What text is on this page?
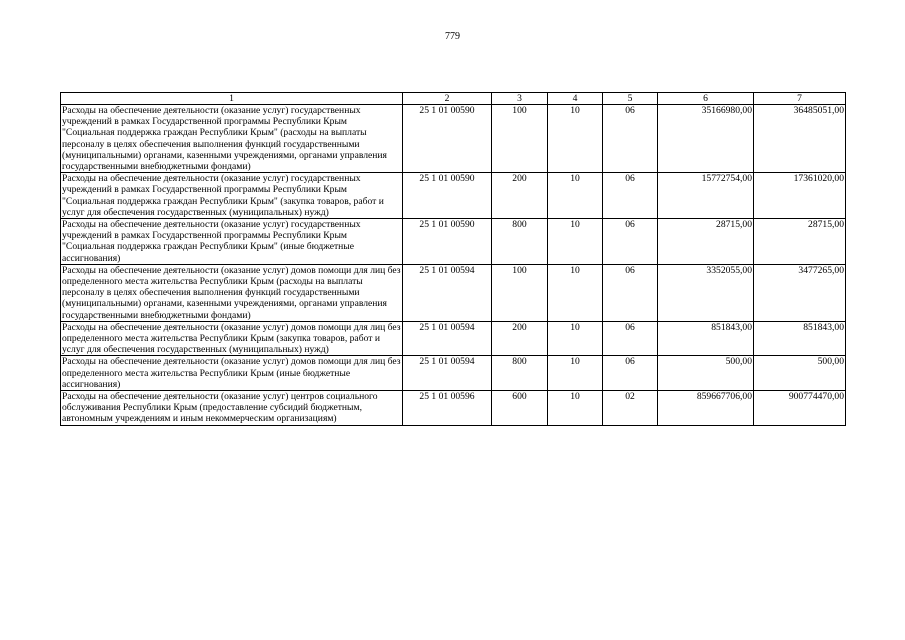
779
1	2	3	4	5	6	7
Расходы на обеспечение деятельности (оказание услуг) государственных учреждений в рамках Государственной программы Республики Крым "Социальная поддержка граждан Республики Крым" (расходы на выплаты персоналу в целях обеспечения выполнения функций государственными (муниципальными) органами, казенными учреждениями, органами управления государственными внебюджетными фондами)	25 1 01 00590	100	10	06	35166980,00	36485051,00
Расходы на обеспечение деятельности (оказание услуг) государственных учреждений в рамках Государственной программы Республики Крым "Социальная поддержка граждан Республики Крым" (закупка товаров, работ и услуг для обеспечения государственных (муниципальных) нужд)	25 1 01 00590	200	10	06	15772754,00	17361020,00
Расходы на обеспечение деятельности (оказание услуг) государственных учреждений в рамках Государственной программы Республики Крым "Социальная поддержка граждан Республики Крым" (иные бюджетные ассигнования)	25 1 01 00590	800	10	06	28715,00	28715,00
Расходы на обеспечение деятельности (оказание услуг) домов помощи для лиц без определенного места жительства Республики Крым (расходы на выплаты персоналу в целях обеспечения выполнения функций государственными (муниципальными) органами, казенными учреждениями, органами управления государственными внебюджетными фондами)	25 1 01 00594	100	10	06	3352055,00	3477265,00
Расходы на обеспечение деятельности (оказание услуг) домов помощи для лиц без определенного места жительства Республики Крым (закупка товаров, работ и услуг для обеспечения государственных (муниципальных) нужд)	25 1 01 00594	200	10	06	851843,00	851843,00
Расходы на обеспечение деятельности (оказание услуг) домов помощи для лиц без определенного места жительства Республики Крым (иные бюджетные ассигнования)	25 1 01 00594	800	10	06	500,00	500,00
Расходы на обеспечение деятельности (оказание услуг) центров социального обслуживания Республики Крым (предоставление субсидий бюджетным, автономным учреждениям и иным некоммерческим организациям)	25 1 01 00596	600	10	02	859667706,00	900774470,00
